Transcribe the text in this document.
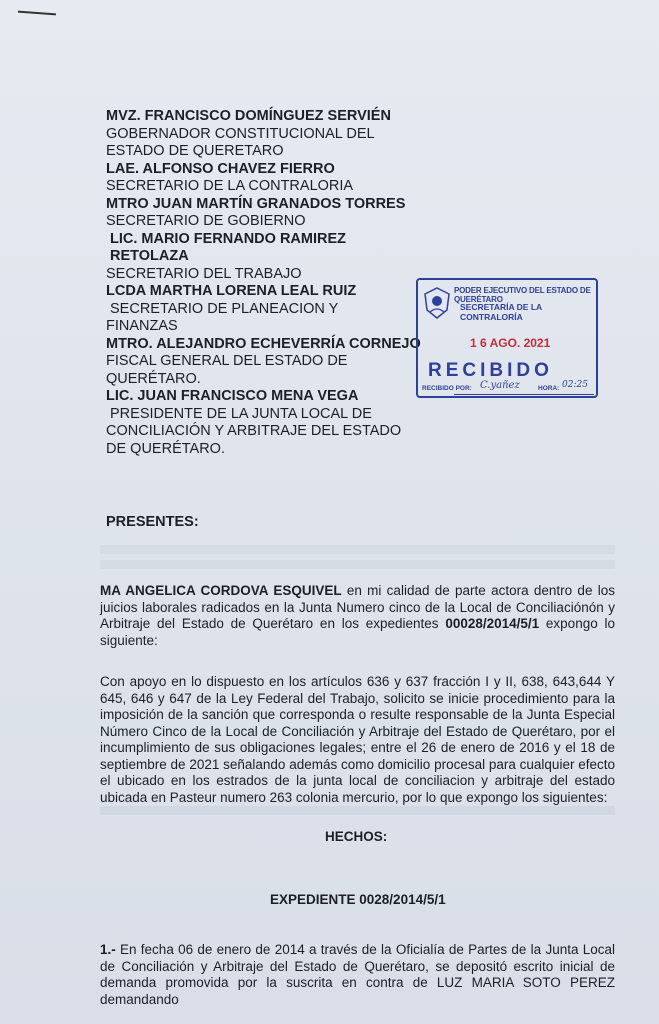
MVZ. FRANCISCO DOMÍNGUEZ SERVIÉN
GOBERNADOR CONSTITUCIONAL DEL
ESTADO DE QUERETARO
LAE. ALFONSO CHAVEZ FIERRO
SECRETARIO DE LA CONTRALORIA
MTRO JUAN MARTÍN GRANADOS TORRES
SECRETARIO DE GOBIERNO
LIC. MARIO FERNANDO RAMIREZ RETOLAZA
SECRETARIO DEL TRABAJO
LCDA MARTHA LORENA LEAL RUIZ
SECRETARIO DE PLANEACION Y
FINANZAS
MTRO. ALEJANDRO ECHEVERRÍA CORNEJO
FISCAL GENERAL DEL ESTADO DE
QUERÉTARO.
LIC. JUAN FRANCISCO MENA VEGA
PRESIDENTE DE LA JUNTA LOCAL DE
CONCILIACIÓN Y ARBITRAJE DEL ESTADO
DE QUERÉTARO.
PODER EJECUTIVO DEL ESTADO DE QUERÉTARO
SECRETARÍA DE LA CONTRALORÍA
1 6 AGO. 2021
RECIBIDO
RECIBIDO POR: C.yañez	HORA: 02:25
PRESENTES:
MA ANGELICA CORDOVA ESQUIVEL en mi calidad de parte actora dentro de los juicios laborales radicados en la Junta Numero cinco de la Local de Conciliaciónón y Arbitraje del Estado de Querétaro en los expedientes 00028/2014/5/1 expongo lo siguiente:
Con apoyo en lo dispuesto en los artículos 636 y 637 fracción I y II, 638, 643,644 Y 645, 646 y 647 de la Ley Federal del Trabajo, solicito se inicie procedimiento para la imposición de la sanción que corresponda o resulte responsable de la Junta Especial Número Cinco de la Local de Conciliación y Arbitraje del Estado de Querétaro, por el incumplimiento de sus obligaciones legales; entre el 26 de enero de 2016 y el 18 de septiembre de 2021 señalando además como domicilio procesal para cualquier efecto el ubicado en los estrados de la junta local de conciliacion y arbitraje del estado ubicada en Pasteur numero 263 colonia mercurio, por lo que expongo los siguientes:
HECHOS:
EXPEDIENTE 0028/2014/5/1
1.- En fecha 06 de enero de 2014 a través de la Oficialía de Partes de la Junta Local de Conciliación y Arbitraje del Estado de Querétaro, se depositó escrito inicial de demanda promovida por la suscrita en contra de LUZ MARIA SOTO PEREZ demandando
